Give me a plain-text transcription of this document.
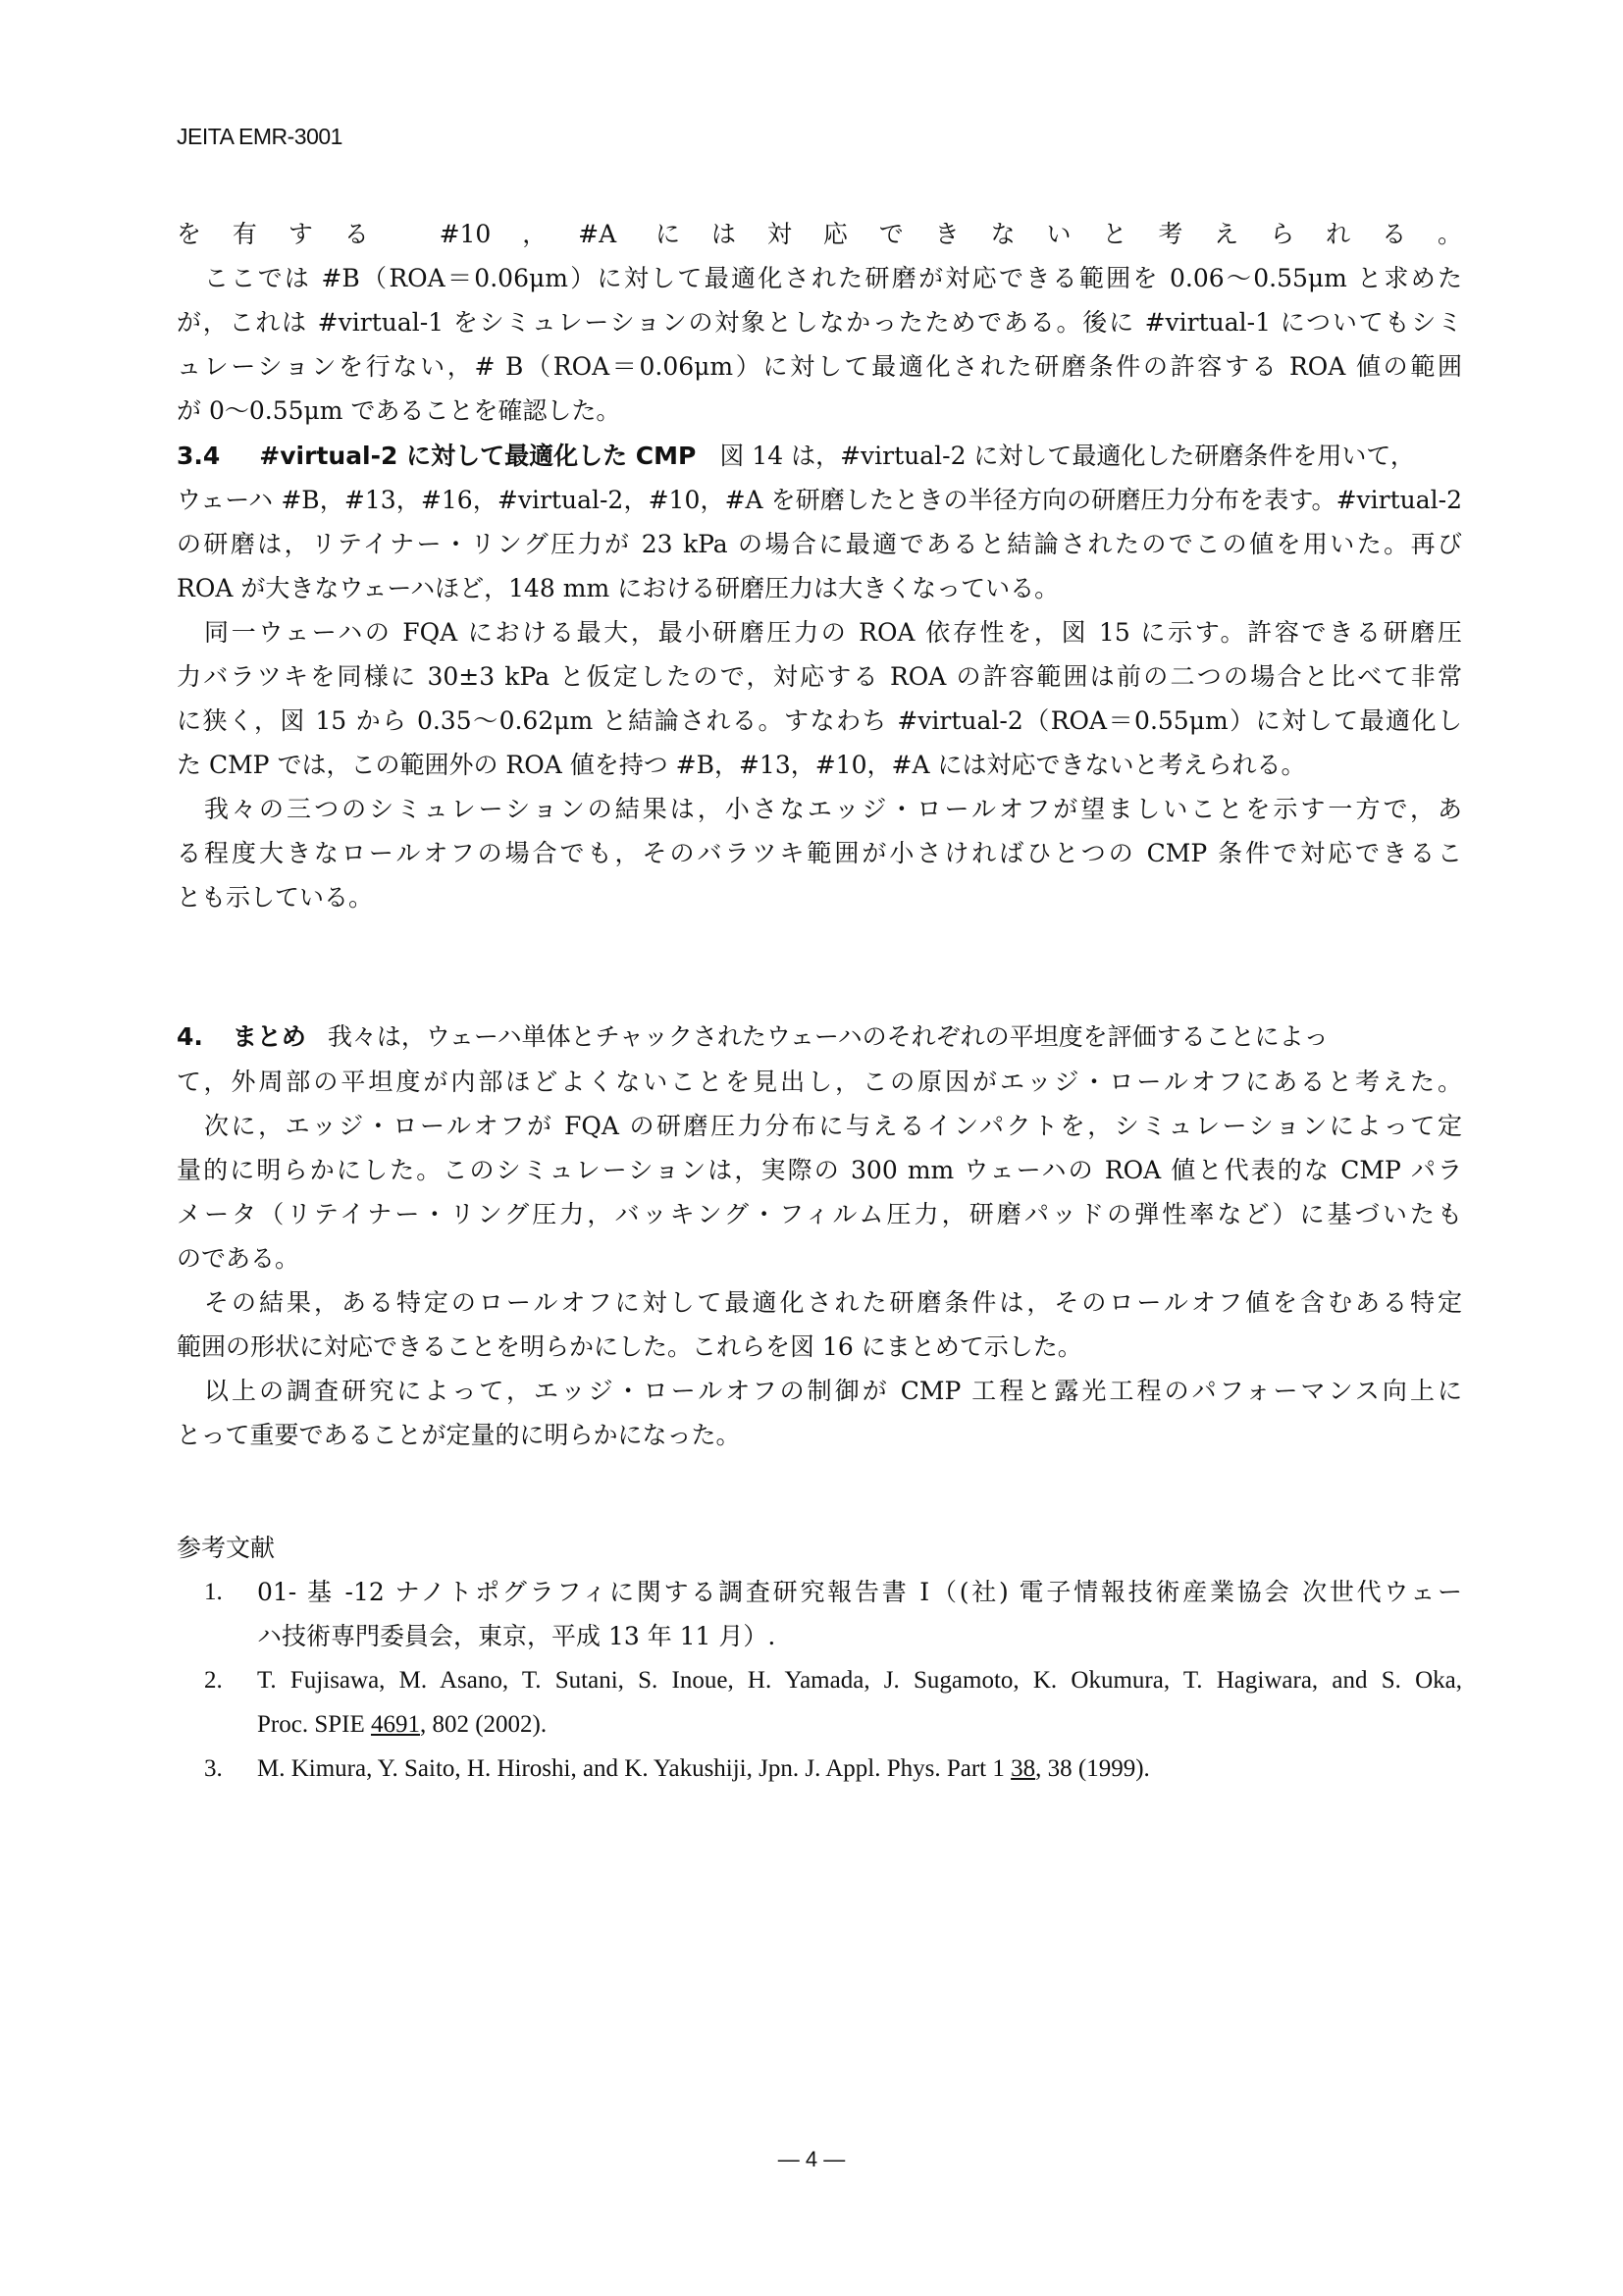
JEITA EMR-3001
を有する #10，#A には対応できないと考えられる。
ここでは #B（ROA＝0.06μm）に対して最適化された研磨が対応できる範囲を 0.06〜0.55μm と求めた
が，これは #virtual-1 をシミュレーションの対象としなかったためである。後に #virtual-1 についてもシミ
ュレーションを行ない，# B（ROA＝0.06μm）に対して最適化された研磨条件の許容する ROA 値の範囲
が 0〜0.55μm であることを確認した。
3.4 #virtual-2 に対して最適化した CMP 図 14 は，#virtual-2 に対して最適化した研磨条件を用いて，
ウェーハ #B，#13，#16，#virtual-2，#10，#A を研磨したときの半径方向の研磨圧力分布を表す。#virtual-2
の研磨は，リテイナー・リング圧力が 23 kPa の場合に最適であると結論されたのでこの値を用いた。再び
ROA が大きなウェーハほど，148 mm における研磨圧力は大きくなっている。
同一ウェーハの FQA における最大，最小研磨圧力の ROA 依存性を，図 15 に示す。許容できる研磨圧
力バラツキを同様に 30±3 kPa と仮定したので，対応する ROA の許容範囲は前の二つの場合と比べて非常
に狭く，図 15 から 0.35〜0.62μm と結論される。すなわち #virtual-2（ROA＝0.55μm）に対して最適化し
た CMP では，この範囲外の ROA 値を持つ #B，#13，#10，#A には対応できないと考えられる。
我々の三つのシミュレーションの結果は，小さなエッジ・ロールオフが望ましいことを示す一方で，あ
る程度大きなロールオフの場合でも，そのバラツキ範囲が小さければひとつの CMP 条件で対応できるこ
とも示している。
4. まとめ 我々は，ウェーハ単体とチャックされたウェーハのそれぞれの平坦度を評価することによっ
て，外周部の平坦度が内部ほどよくないことを見出し，この原因がエッジ・ロールオフにあると考えた。
次に，エッジ・ロールオフが FQA の研磨圧力分布に与えるインパクトを，シミュレーションによって定
量的に明らかにした。このシミュレーションは，実際の 300 mm ウェーハの ROA 値と代表的な CMP パラ
メータ（リテイナー・リング圧力，バッキング・フィルム圧力，研磨パッドの弾性率など）に基づいたも
のである。
その結果，ある特定のロールオフに対して最適化された研磨条件は，そのロールオフ値を含むある特定
範囲の形状に対応できることを明らかにした。これらを図 16 にまとめて示した。
以上の調査研究によって，エッジ・ロールオフの制御が CMP 工程と露光工程のパフォーマンス向上に
とって重要であることが定量的に明らかになった。
参考文献
1. 01- 基 -12 ナノトポグラフィに関する調査研究報告書 I（(社) 電子情報技術産業協会 次世代ウェー
ハ技術専門委員会，東京，平成 13 年 11 月）.
2. T. Fujisawa, M. Asano, T. Sutani, S. Inoue, H. Yamada, J. Sugamoto, K. Okumura, T. Hagiwara, and S. Oka,
Proc. SPIE 4691, 802 (2002).
3. M. Kimura, Y. Saito, H. Hiroshi, and K. Yakushiji, Jpn. J. Appl. Phys. Part 1 38, 38 (1999).
— 4 —
